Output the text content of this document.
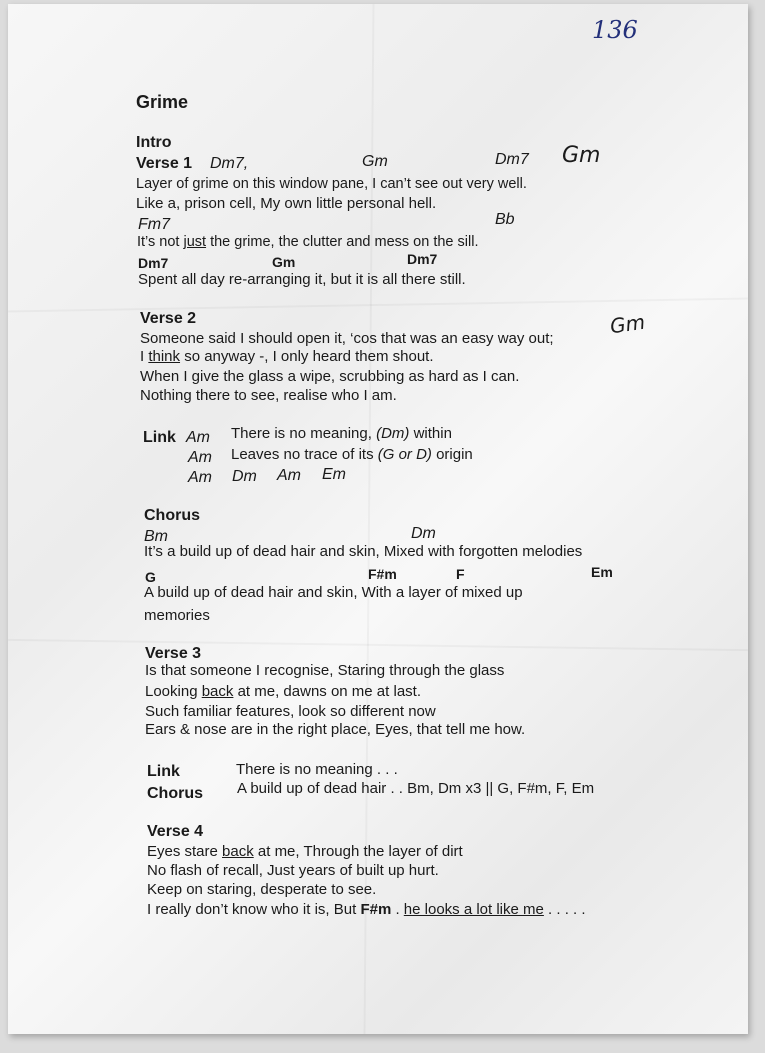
136
Grime
Intro
Verse 1 Dm7,	Gm	Dm7 Gm
Layer of grime on this window pane, I can’t see out very well.
Like a, prison cell, My own little personal hell.
Fm7	Bb
It’s not just the grime, the clutter and mess on the sill.
Dm7	Gm	Dm7
Spent all day re-arranging it, but it is all there still.
Verse 2
Someone said I should open it, ‘cos that was an easy way out;
Gm
I think so anyway -, I only heard them shout.
When I give the glass a wipe, scrubbing as hard as I can.
Nothing there to see, realise who I am.
Link Am There is no meaning, (Dm) within
Am Leaves no trace of its (G or D) origin
Am Dm Am Em
Chorus
Bm	Dm
It’s a build up of dead hair and skin, Mixed with forgotten melodies
G	F#m	F	Em
A build up of dead hair and skin, With a layer of mixed up
memories
Verse 3
Is that someone I recognise, Staring through the glass
Looking back at me, dawns on me at last.
Such familiar features, look so different now
Ears & nose are in the right place, Eyes, that tell me how.
Link	There is no meaning . . .
Chorus A build up of dead hair . . Bm, Dm x3 || G, F#m, F, Em
Verse 4
Eyes stare back at me, Through the layer of dirt
No flash of recall, Just years of built up hurt.
Keep on staring, desperate to see.
I really don’t know who it is, But F#m . he looks a lot like me . . . . .
